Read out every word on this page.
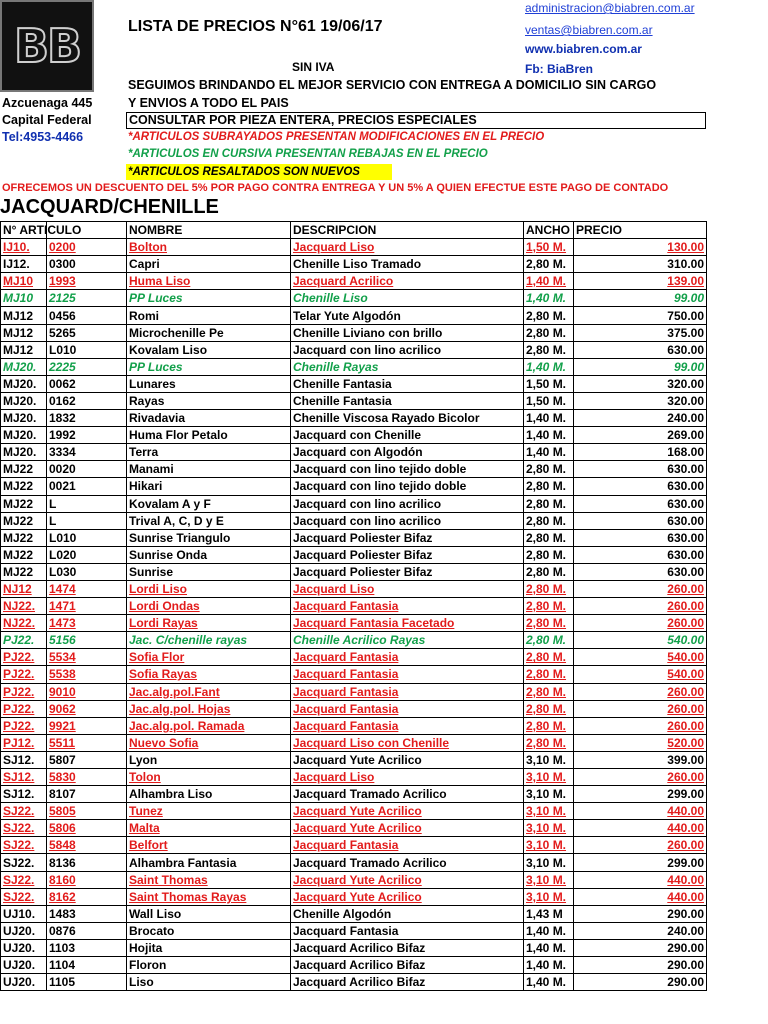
BB	LISTA DE PRECIOS N°61 19/06/17
SIN IVA
administracion@biabren.com.ar
ventas@biabren.com.ar
www.biabren.com.ar
Fb: BiaBren
SEGUIMOS BRINDANDO EL MEJOR SERVICIO CON ENTREGA A DOMICILIO SIN CARGO
Y ENVIOS A TODO EL PAIS
Azcuenaga 445
Capital Federal
Tel:4953-4466
CONSULTAR POR PIEZA ENTERA, PRECIOS ESPECIALES
*ARTICULOS SUBRAYADOS PRESENTAN MODIFICACIONES EN EL PRECIO
*ARTICULOS EN CURSIVA PRESENTAN REBAJAS EN EL PRECIO
*ARTICULOS RESALTADOS SON NUEVOS
OFRECEMOS UN DESCUENTO DEL 5% POR PAGO CONTRA ENTREGA Y UN 5% A QUIEN EFECTUE ESTE PAGO DE CONTADO
JACQUARD/CHENILLE
N° ARTICULO		NOMBRE	DESCRIPCION	ANCHO	PRECIO
IJ10.	0200	Bolton	Jacquard Liso	1,50 M.	130.00
IJ12.	0300	Capri	Chenille Liso Tramado	2,80 M.	310.00
MJ10	1993	Huma Liso	Jacquard Acrilico	1,40 M.	139.00
MJ10	2125	PP Luces	Chenille Liso	1,40 M.	99.00
MJ12	0456	Romi	Telar Yute Algodón	2,80 M.	750.00
MJ12	5265	Microchenille Pe	Chenille Liviano con brillo	2,80 M.	375.00
MJ12	L010	Kovalam Liso	Jacquard con lino acrilico	2,80 M.	630.00
MJ20.	2225	PP Luces	Chenille Rayas	1,40 M.	99.00
MJ20.	0062	Lunares	Chenille Fantasia	1,50 M.	320.00
MJ20.	0162	Rayas	Chenille Fantasia	1,50 M.	320.00
MJ20.	1832	Rivadavia	Chenille Viscosa Rayado Bicolor	1,40 M.	240.00
MJ20.	1992	Huma Flor Petalo	Jacquard con Chenille	1,40 M.	269.00
MJ20.	3334	Terra	Jacquard con Algodón	1,40 M.	168.00
MJ22	0020	Manami	Jacquard con lino tejido doble	2,80 M.	630.00
MJ22	0021	Hikari	Jacquard con lino tejido doble	2,80 M.	630.00
MJ22	L	Kovalam A y F	Jacquard con lino acrilico	2,80 M.	630.00
MJ22	L	Trival A, C, D y E	Jacquard con lino acrilico	2,80 M.	630.00
MJ22	L010	Sunrise Triangulo	Jacquard Poliester Bifaz	2,80 M.	630.00
MJ22	L020	Sunrise Onda	Jacquard Poliester Bifaz	2,80 M.	630.00
MJ22	L030	Sunrise	Jacquard Poliester Bifaz	2,80 M.	630.00
NJ12	1474	Lordi Liso	Jacquard Liso	2,80 M.	260.00
NJ22.	1471	Lordi Ondas	Jacquard Fantasia	2,80 M.	260.00
NJ22.	1473	Lordi Rayas	Jacquard Fantasia Facetado	2,80 M.	260.00
PJ22.	5156	Jac. C/chenille rayas	Chenille Acrilico Rayas	2,80 M.	540.00
PJ22.	5534	Sofia Flor	Jacquard Fantasia	2,80 M.	540.00
PJ22.	5538	Sofia Rayas	Jacquard Fantasia	2,80 M.	540.00
PJ22.	9010	Jac.alg.pol.Fant	Jacquard Fantasia	2,80 M.	260.00
PJ22.	9062	Jac.alg.pol. Hojas	Jacquard Fantasia	2,80 M.	260.00
PJ22.	9921	Jac.alg.pol. Ramada	Jacquard Fantasia	2,80 M.	260.00
PJ12.	5511	Nuevo Sofia	Jacquard Liso con Chenille	2,80 M.	520.00
SJ12.	5807	Lyon	Jacquard Yute Acrilico	3,10 M.	399.00
SJ12.	5830	Tolon	Jacquard Liso	3,10 M.	260.00
SJ12.	8107	Alhambra Liso	Jacquard Tramado Acrilico	3,10 M.	299.00
SJ22.	5805	Tunez	Jacquard Yute Acrilico	3,10 M.	440.00
SJ22.	5806	Malta	Jacquard Yute Acrilico	3,10 M.	440.00
SJ22.	5848	Belfort	Jacquard Fantasia	3,10 M.	260.00
SJ22.	8136	Alhambra Fantasia	Jacquard Tramado Acrilico	3,10 M.	299.00
SJ22.	8160	Saint Thomas	Jacquard Yute Acrilico	3,10 M.	440.00
SJ22.	8162	Saint Thomas Rayas	Jacquard Yute Acrilico	3,10 M.	440.00
UJ10.	1483	Wall Liso	Chenille Algodón	1,43 M	290.00
UJ20.	0876	Brocato	Jacquard Fantasia	1,40 M.	240.00
UJ20.	1103	Hojita	Jacquard Acrilico Bifaz	1,40 M.	290.00
UJ20.	1104	Floron	Jacquard Acrilico Bifaz	1,40 M.	290.00
UJ20.	1105	Liso	Jacquard Acrilico Bifaz	1,40 M.	290.00
